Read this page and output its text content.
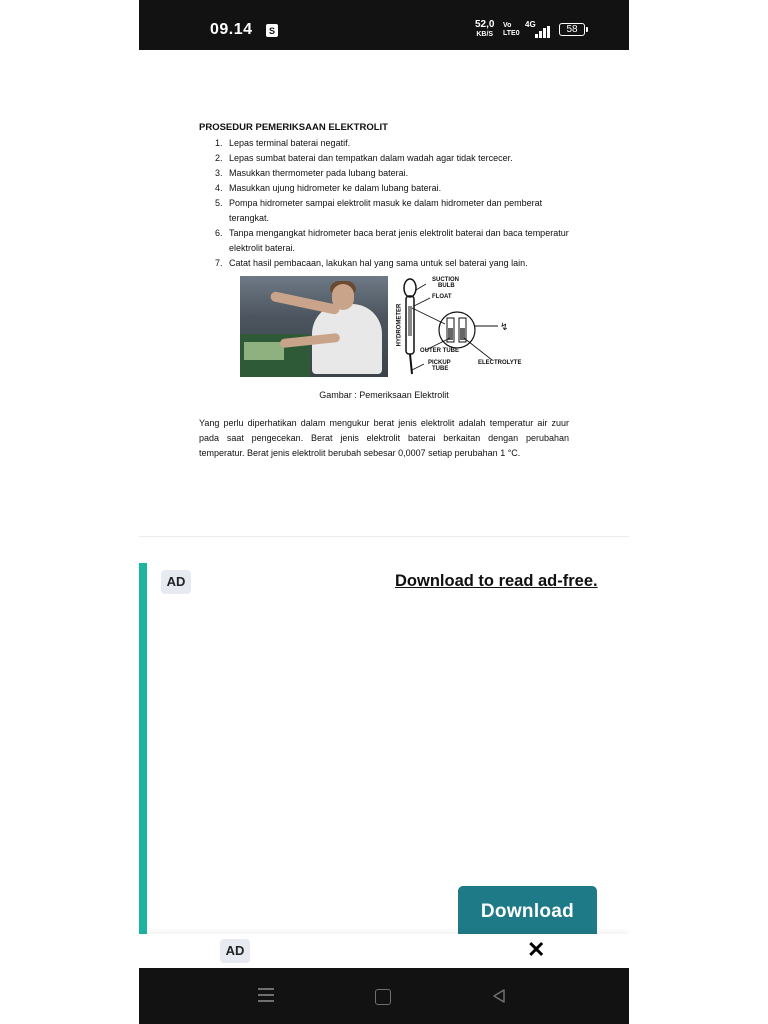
09.14	S
52,0
KB/S
Vo
LTE0
4G	58
PROSEDUR PEMERIKSAAN ELEKTROLIT
1. Lepas terminal baterai negatif.
2. Lepas sumbat baterai dan tempatkan dalam wadah agar tidak tercecer.
3. Masukkan thermometer pada lubang baterai.
4. Masukkan ujung hidrometer ke dalam lubang baterai.
5. Pompa hidrometer sampai elektrolit masuk ke dalam hidrometer dan pemberat terangkat.
6. Tanpa mengangkat hidrometer baca berat jenis elektrolit baterai dan baca temperatur elektrolit baterai.
7. Catat hasil pembacaan, lakukan hal yang sama untuk sel baterai yang lain.
↯
SUCTION
BULB
FLOAT
HYDROMETER
OUTER TUBE
PICKUP
TUBE
ELECTROLYTE
Gambar : Pemeriksaan Elektrolit
Yang perlu diperhatikan dalam mengukur berat jenis elektrolit adalah temperatur air zuur pada saat pengecekan. Berat jenis elektrolit baterai berkaitan dengan perubahan temperatur. Berat jenis elektrolit berubah sebesar 0,0007 setiap perubahan 1 °C.
AD	Download to read ad-free.
Download
AD	✕
